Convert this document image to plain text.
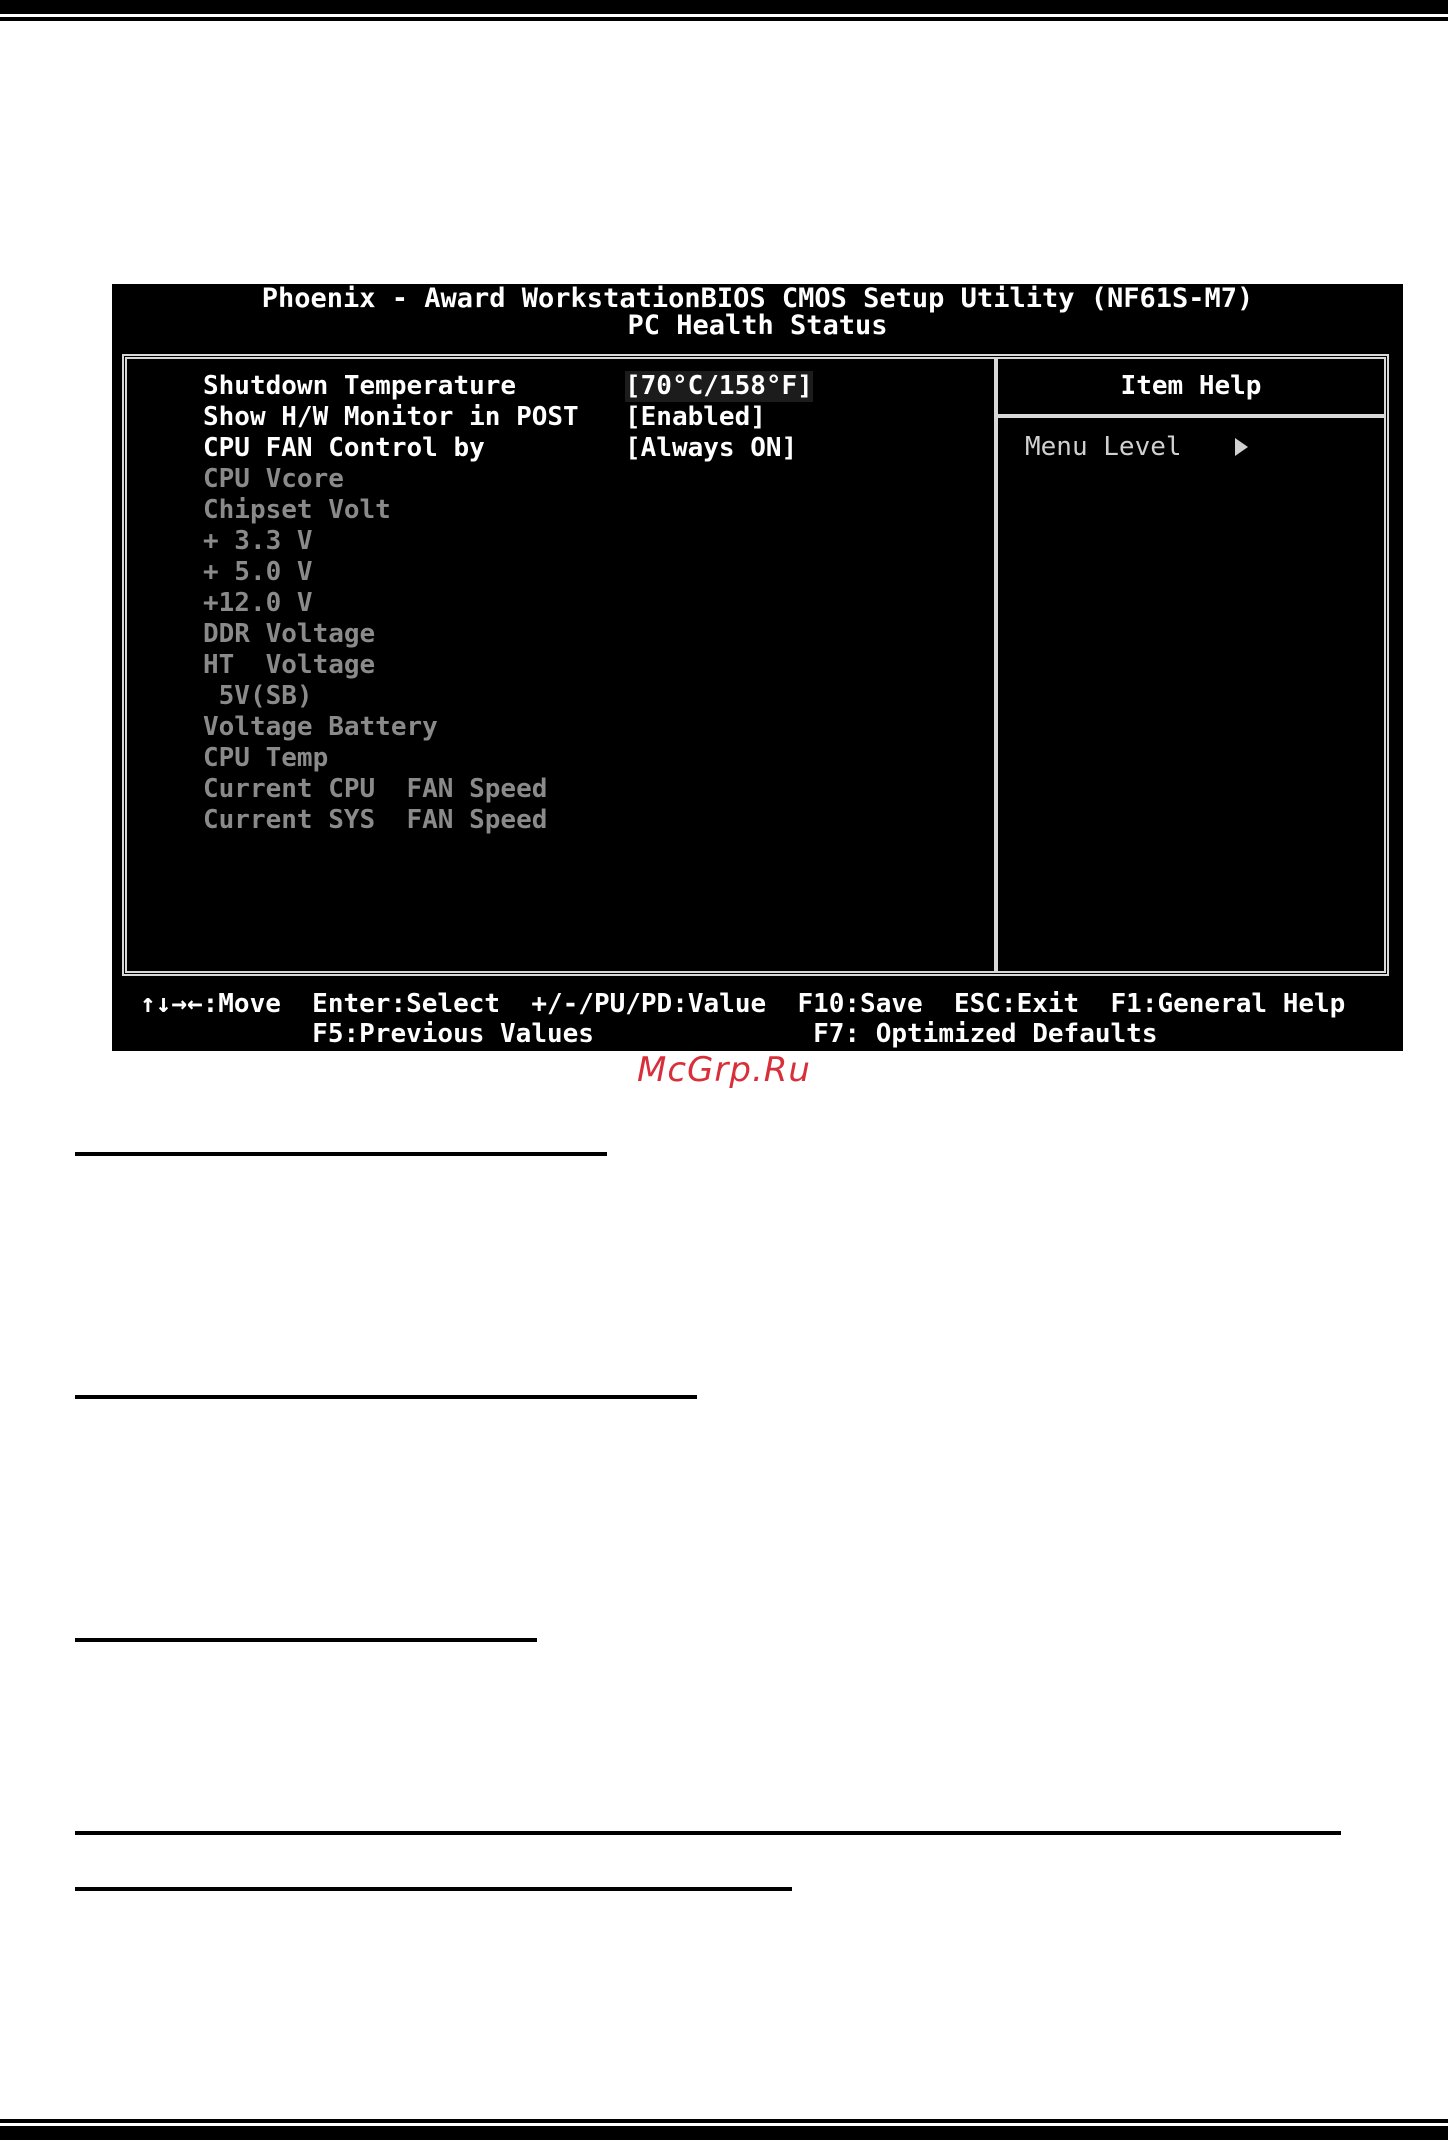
Phoenix - Award WorkstationBIOS CMOS Setup Utility (NF61S-M7)
PC Health Status
Shutdown Temperature	[70°C/158°F]
Show H/W Monitor in POST [Enabled]
CPU FAN Control by	[Always ON]
CPU Vcore
Chipset Volt
+ 3.3 V
+ 5.0 V
+12.0 V
DDR Voltage
HT  Voltage
5V(SB)
Voltage Battery
CPU Temp
Current CPU  FAN Speed
Current SYS  FAN Speed
Item Help
Menu Level
↑↓→←:Move  Enter:Select  +/-/PU/PD:Value  F10:Save  ESC:Exit  F1:General Help
F5:Previous Values              F7: Optimized Defaults
McGrp.Ru
